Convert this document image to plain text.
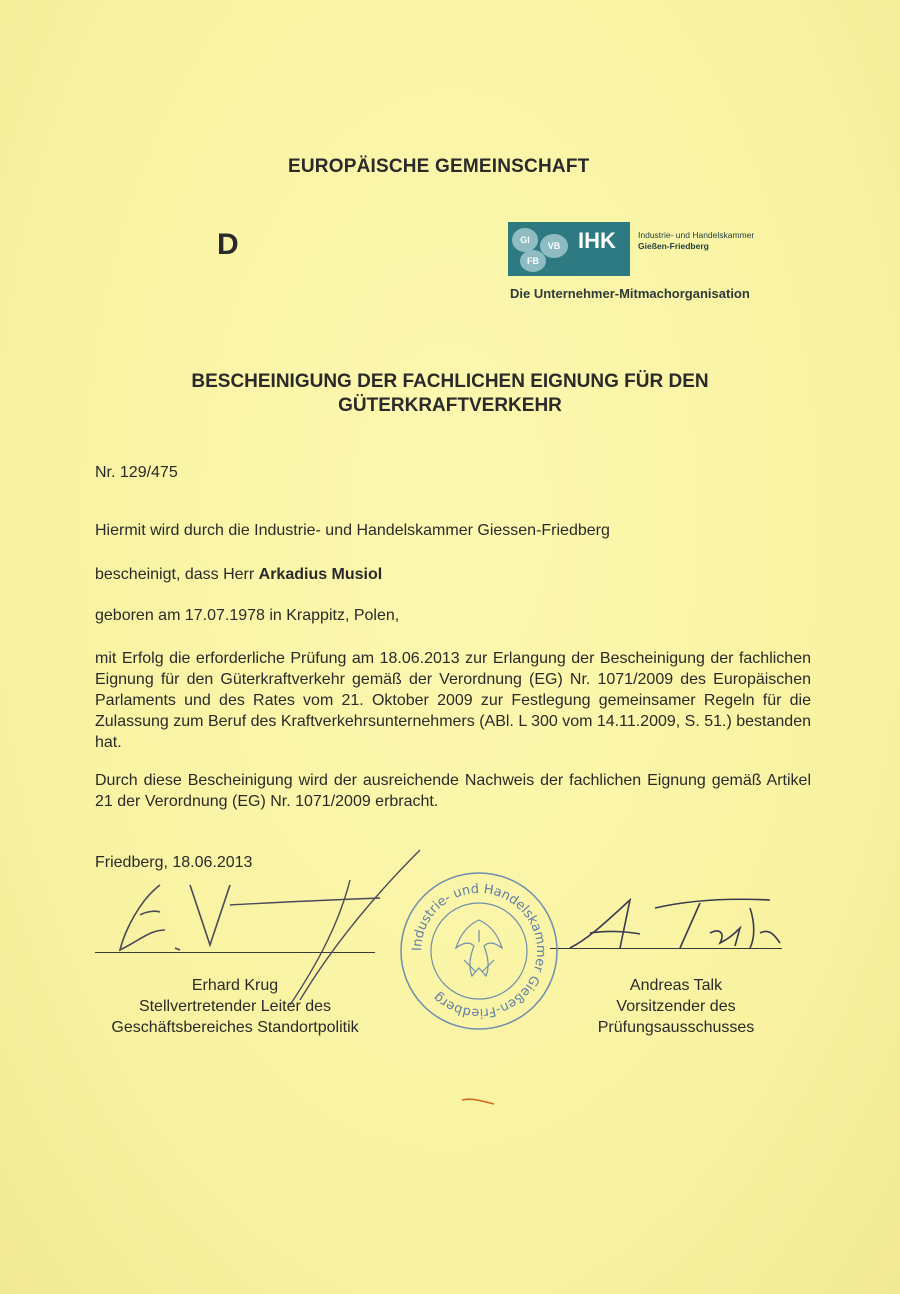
EUROPÄISCHE GEMEINSCHAFT
D	GI
VB
FB
IHK	Industrie- und Handelskammer
Gießen-Friedberg
Die Unternehmer-Mitmachorganisation
BESCHEINIGUNG DER FACHLICHEN EIGNUNG FÜR DEN
GÜTERKRAFTVERKEHR
Nr. 129/475
Hiermit wird durch die Industrie- und Handelskammer Giessen-Friedberg
bescheinigt, dass Herr Arkadius Musiol
geboren am 17.07.1978 in Krappitz, Polen,
mit Erfolg die erforderliche Prüfung am 18.06.2013 zur Erlangung der Bescheinigung der fachlichen Eignung für den Güterkraftverkehr gemäß der Verordnung (EG) Nr. 1071/2009 des Europäischen Parlaments und des Rates vom 21. Oktober 2009 zur Festlegung gemeinsamer Regeln für die Zulassung zum Beruf des Kraftverkehrsunternehmers (ABl. L 300 vom 14.11.2009, S. 51.) bestanden hat.
Durch diese Bescheinigung wird der ausreichende Nachweis der fachlichen Eignung gemäß Artikel 21 der Verordnung (EG) Nr. 1071/2009 erbracht.
Friedberg, 18.06.2013
Industrie- und Handelskammer Gießen-Friedberg
Erhard Krug
Stellvertretender Leiter des
Geschäftsbereiches Standortpolitik
Andreas Talk
Vorsitzender des
Prüfungsausschusses
